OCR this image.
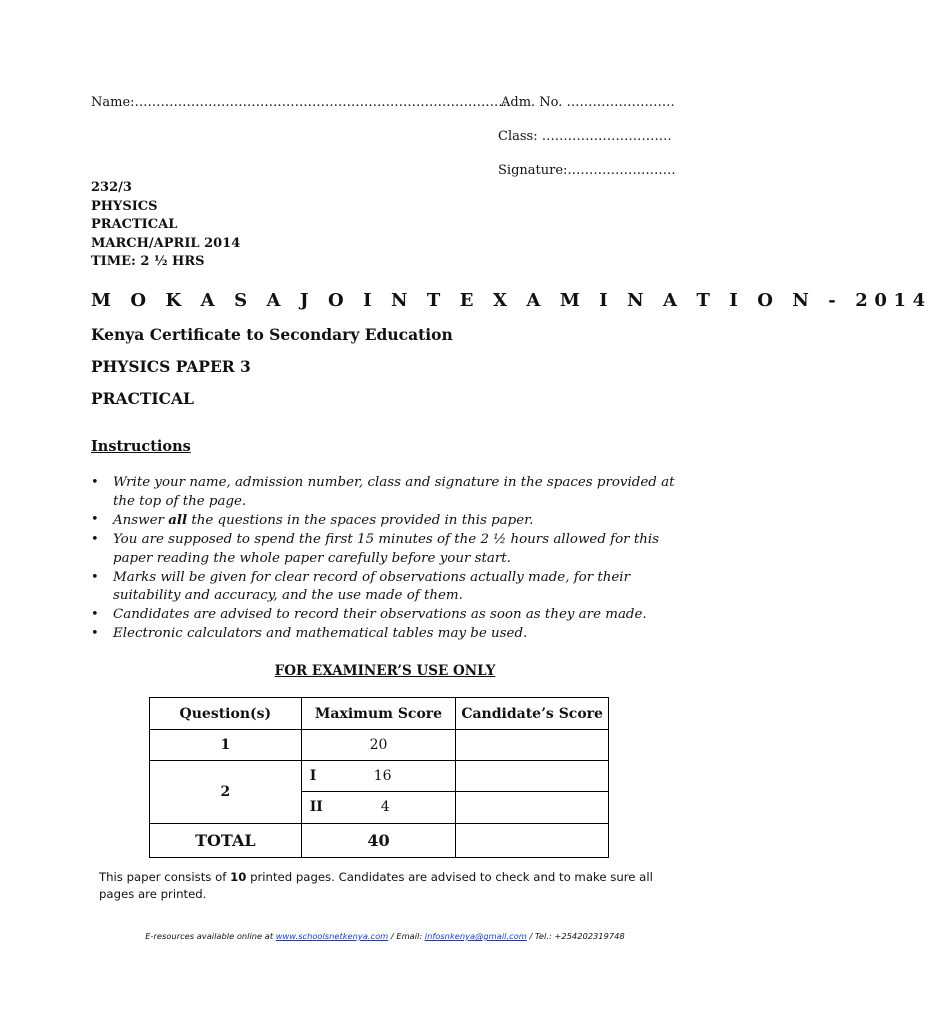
Name:……………….………………………………………………………….
Adm. No. …………………….
Class: …………………………
Signature:…………………….
232/3
PHYSICS
PRACTICAL
MARCH/APRIL 2014
TIME: 2 ½ HRS
M O K A S A J O I N T E X A M I N A T I O N - 2014
Kenya Certificate to Secondary Education
PHYSICS PAPER 3
PRACTICAL
Instructions
• Write your name, admission number, class and signature in the spaces provided at the top of the page.
• Answer all the questions in the spaces provided in this paper.
• You are supposed to spend the first 15 minutes of the 2 ½ hours allowed for this paper reading the whole paper carefully before your start.
• Marks will be given for clear record of observations actually made, for their suitability and accuracy, and the use made of them.
• Candidates are advised to record their observations as soon as they are made.
• Electronic calculators and mathematical tables may be used.
FOR EXAMINER’S USE ONLY
Question(s)	Maximum Score	Candidate’s Score
1	20	
2	I 16	

	II 4	

TOTAL	40	
This paper consists of 10 printed pages. Candidates are advised to check and to make sure all pages are printed.
E-resources available online at www.schoolsnetkenya.com / Email: infosnkenya@gmail.com / Tel.: +254202319748
